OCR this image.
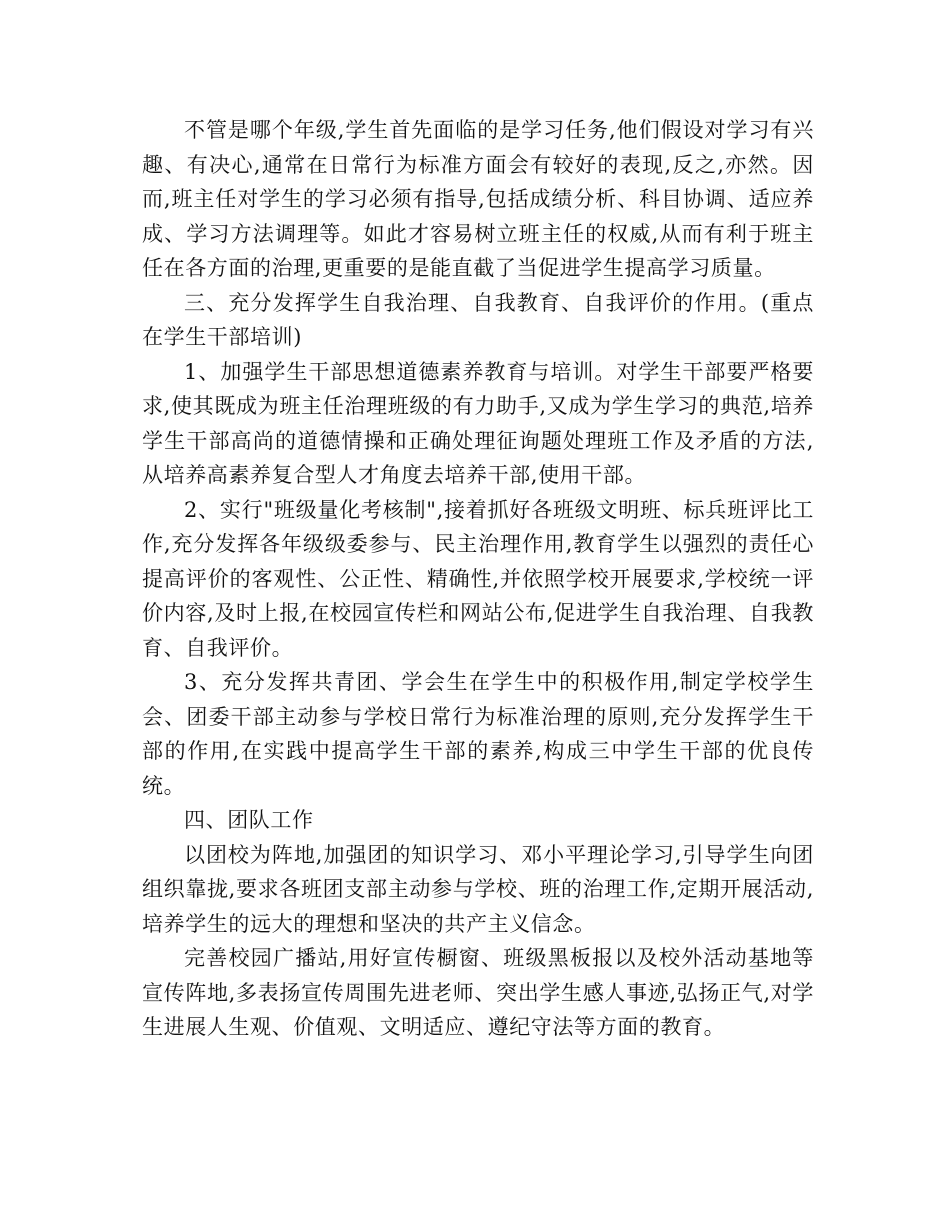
不管是哪个年级,学生首先面临的是学习任务,他们假设对学习有兴趣、有决心,通常在日常行为标准方面会有较好的表现,反之,亦然。因而,班主任对学生的学习必须有指导,包括成绩分析、科目协调、适应养成、学习方法调理等。如此才容易树立班主任的权威,从而有利于班主任在各方面的治理,更重要的是能直截了当促进学生提高学习质量。

三、充分发挥学生自我治理、自我教育、自我评价的作用。(重点在学生干部培训)

1、加强学生干部思想道德素养教育与培训。对学生干部要严格要求,使其既成为班主任治理班级的有力助手,又成为学生学习的典范,培养学生干部高尚的道德情操和正确处理征询题处理班工作及矛盾的方法,从培养高素养复合型人才角度去培养干部,使用干部。

2、实行"班级量化考核制",接着抓好各班级文明班、标兵班评比工作,充分发挥各年级级委参与、民主治理作用,教育学生以强烈的责任心提高评价的客观性、公正性、精确性,并依照学校开展要求,学校统一评价内容,及时上报,在校园宣传栏和网站公布,促进学生自我治理、自我教育、自我评价。

3、充分发挥共青团、学会生在学生中的积极作用,制定学校学生会、团委干部主动参与学校日常行为标准治理的原则,充分发挥学生干部的作用,在实践中提高学生干部的素养,构成三中学生干部的优良传统。

四、团队工作

以团校为阵地,加强团的知识学习、邓小平理论学习,引导学生向团组织靠拢,要求各班团支部主动参与学校、班的治理工作,定期开展活动,培养学生的远大的理想和坚决的共产主义信念。

完善校园广播站,用好宣传橱窗、班级黑板报以及校外活动基地等宣传阵地,多表扬宣传周围先进老师、突出学生感人事迹,弘扬正气,对学生进展人生观、价值观、文明适应、遵纪守法等方面的教育。
